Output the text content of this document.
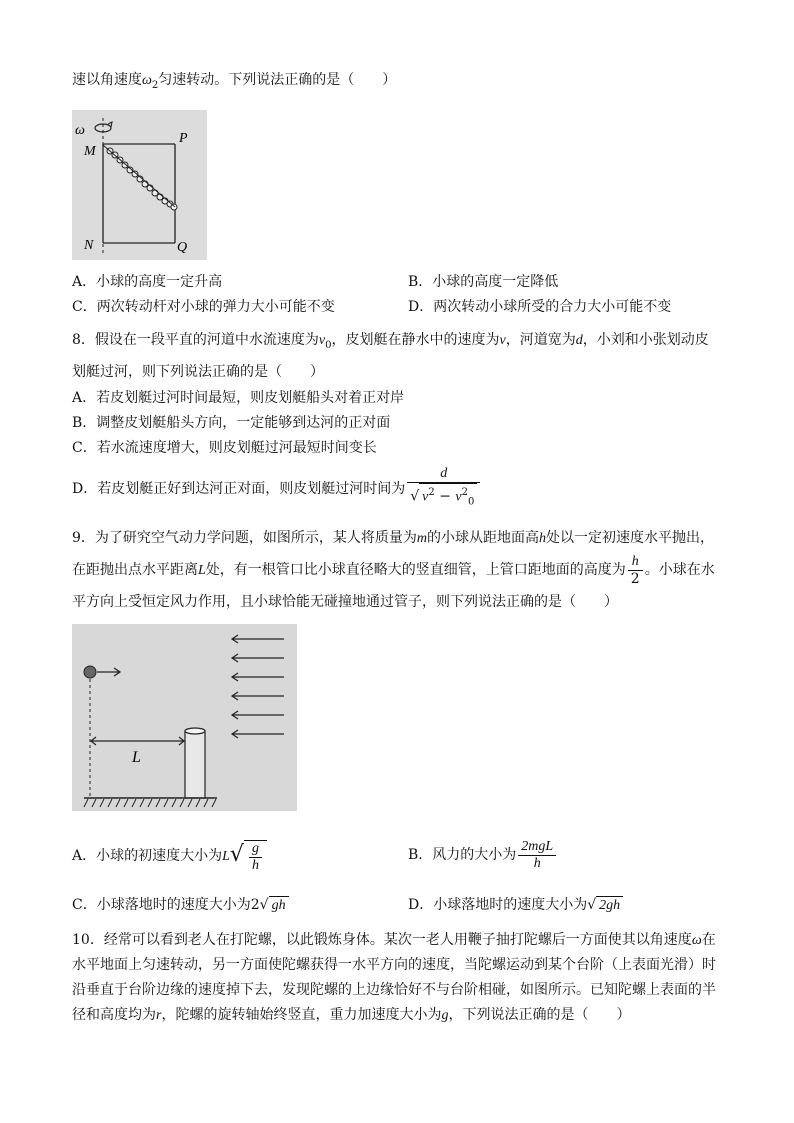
速以角速度$\omega_2$匀速转动。下列说法正确的是（　　）
ω
M
P
N	Q
A．小球的高度一定升高	B．小球的高度一定降低
C．两次转动杆对小球的弹力大小可能不变	D．两次转动小球所受的合力大小可能不变
8．假设在一段平直的河道中水流速度为$v_0$，皮划艇在静水中的速度为v，河道宽为d，小刘和小张划动皮
划艇过河，则下列说法正确的是（　　）
A．若皮划艇过河时间最短，则皮划艇船头对着正对岸
B．调整皮划艇船头方向，一定能够到达河的正对面
C．若水流速度增大，则皮划艇过河最短时间变长
D．若皮划艇正好到达河正对面，则皮划艇过河时间为 $\frac{d}{√ v^2 - v^2_0}$
9．为了研究空气动力学问题，如图所示，某人将质量为m的小球从距地面高h处以一定初速度水平抛出，
在距抛出点水平距离L处，有一根管口比小球直径略大的竖直细管，上管口距地面的高度为 $\frac{h}{2}$ 。小球在水
平方向上受恒定风力作用，且小球恰能无碰撞地通过管子，则下列说法正确的是（　　）
L
A．小球的初速度大小为$L√ \frac{g}{h}$	B．风力的大小为 $\frac{\text{2mgL}}{h}$
C．小球落地时的速度大小为2√ gh	D．小球落地时的速度大小为√ 2gh
10．经常可以看到老人在打陀螺，以此锻炼身体。某次一老人用鞭子抽打陀螺后一方面使其以角速度ω在
水平地面上匀速转动，另一方面使陀螺获得一水平方向的速度，当陀螺运动到某个台阶（上表面光滑）时
沿垂直于台阶边缘的速度掉下去，发现陀螺的上边缘恰好不与台阶相碰，如图所示。已知陀螺上表面的半
径和高度均为r，陀螺的旋转轴始终竖直，重力加速度大小为g，下列说法正确的是（　　）
